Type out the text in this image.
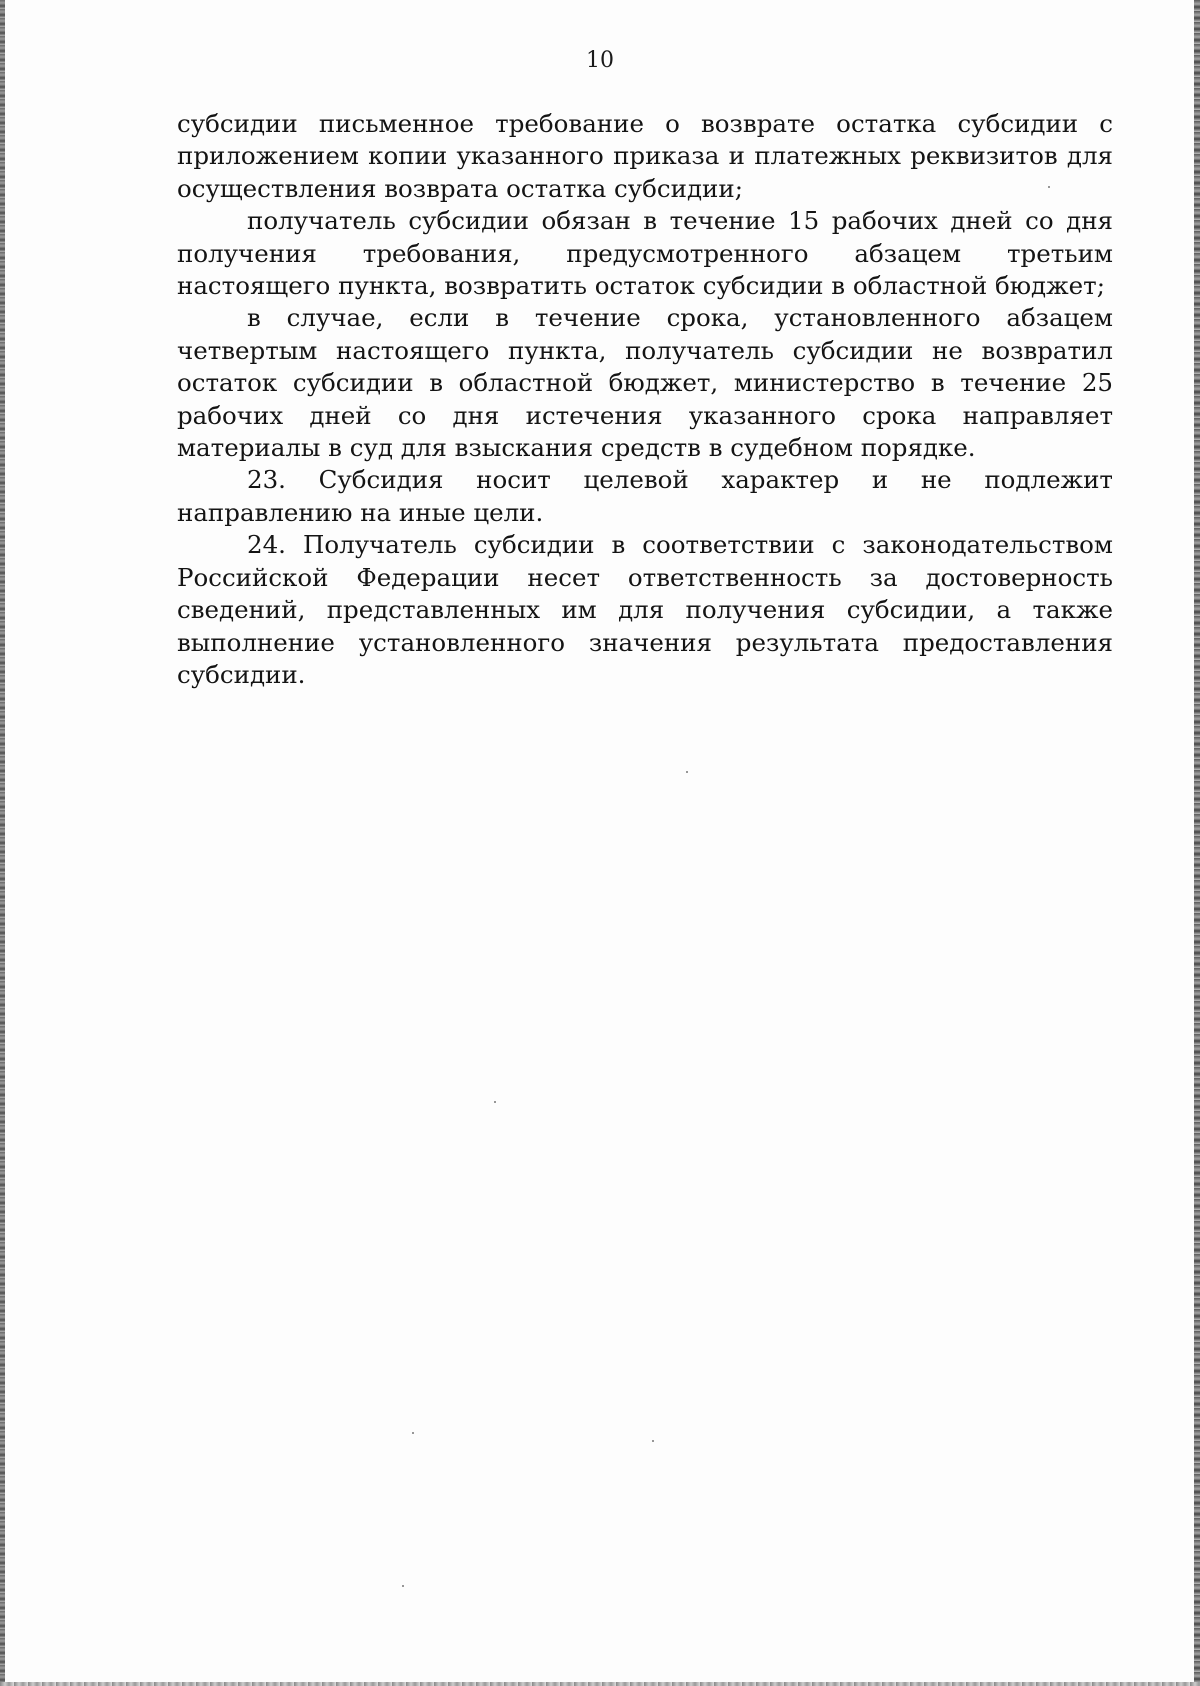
10

субсидии письменное требование о возврате остатка субсидии с приложением копии указанного приказа и платежных реквизитов для осуществления возврата остатка субсидии;

получатель субсидии обязан в течение 15 рабочих дней со дня получения требования, предусмотренного абзацем третьим настоящего пункта, возвратить остаток субсидии в областной бюджет;

в случае, если в течение срока, установленного абзацем четвертым настоящего пункта, получатель субсидии не возвратил остаток субсидии в областной бюджет, министерство в течение 25 рабочих дней со дня истечения указанного срока направляет материалы в суд для взыскания средств в судебном порядке.

23. Субсидия носит целевой характер и не подлежит направлению на иные цели.

24. Получатель субсидии в соответствии с законодательством Российской Федерации несет ответственность за достоверность сведений, представленных им для получения субсидии, а также выполнение установленного значения результата предоставления субсидии.
